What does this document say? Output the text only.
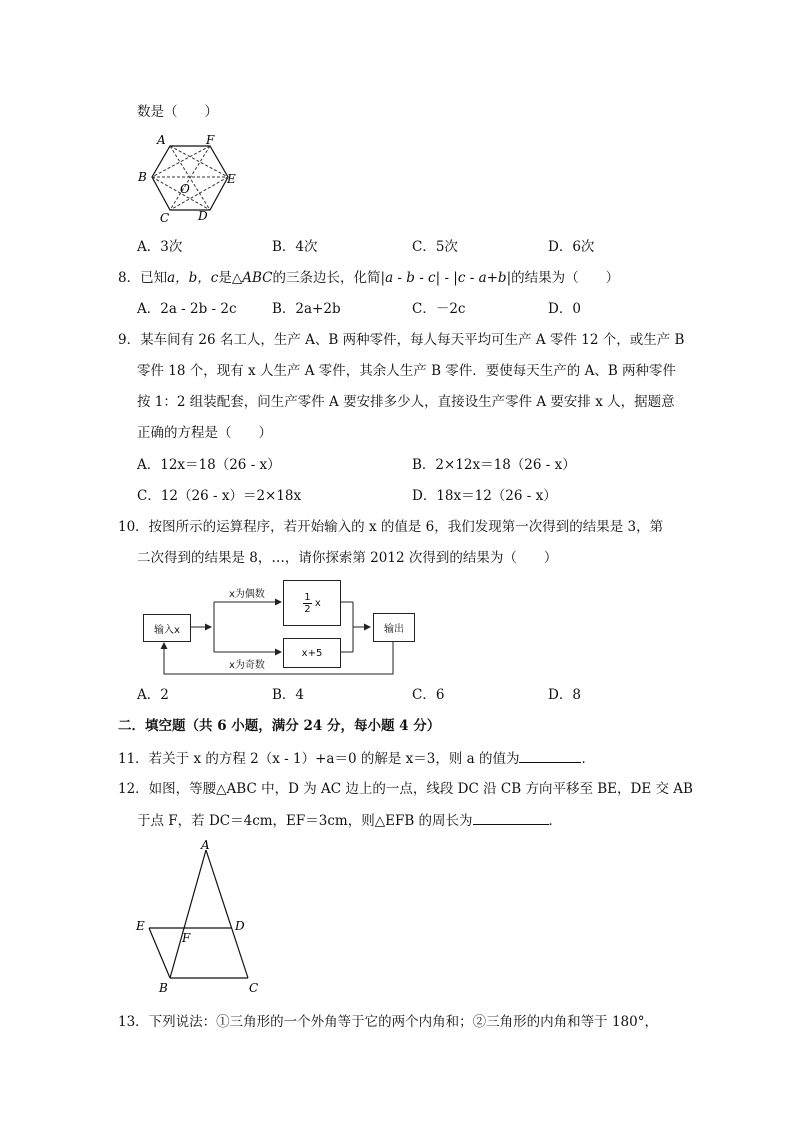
数是（　　）
A	F
B	E
O
C D
A．3次	B．4次	C．5次	D．6次
8．已知a，b，c是△ABC的三条边长，化简|a - b - c| - |c - a+b|的结果为（　　）
A．2a - 2b - 2c	B．2a+2b	C．－2c	D．0
9．某车间有 26 名工人，生产 A、B 两种零件，每人每天平均可生产 A 零件 12 个，或生产 B
零件 18 个，现有 x 人生产 A 零件，其余人生产 B 零件．要使每天生产的 A、B 两种零件
按 1：2 组装配套，问生产零件 A 要安排多少人，直接设生产零件 A 要安排 x 人，据题意
正确的方程是（　　）
A．12x＝18（26 - x）	B．2×12x＝18（26 - x）
C．12（26 - x）＝2×18x	D．18x＝12（26 - x）
10．按图所示的运算程序，若开始输入的 x 的值是 6，我们发现第一次得到的结果是 3，第
二次得到的结果是 8，…，请你探索第 2012 次得到的结果为（　　）
输入x
x为偶数	$\frac{1}{2}$
x
x+5
x为奇数
输出
A．2	B．4	C．6	D．8
二．填空题（共 6 小题，满分 24 分，每小题 4 分）
11．若关于 x 的方程 2（x - 1）+a＝0 的解是 x＝3，则 a 的值为	．
12．如图，等腰△ABC 中，D 为 AC 边上的一点，线段 DC 沿 CB 方向平移至 BE，DE 交 AB
于点 F，若 DC＝4cm，EF＝3cm，则△EFB 的周长为	．
A
E	D
F
B	C
13．下列说法：①三角形的一个外角等于它的两个内角和；②三角形的内角和等于 180°，
